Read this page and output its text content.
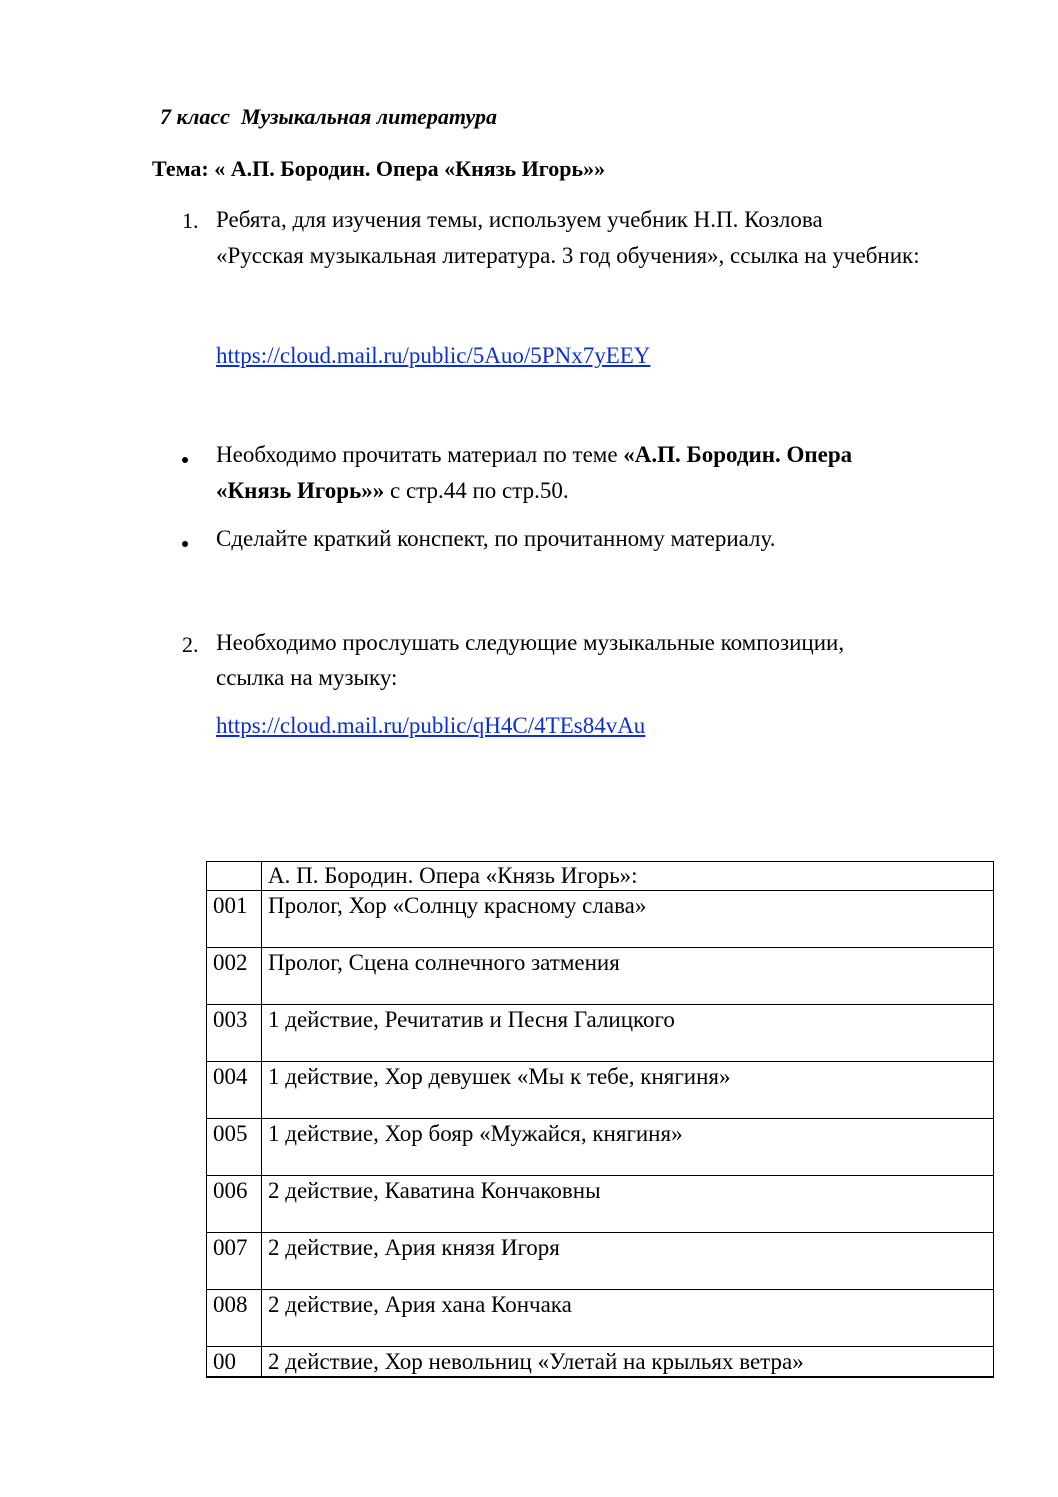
7 класс Музыкальная литература
Тема: « А.П. Бородин. Опера «Князь Игорь»»
1. Ребята, для изучения темы, используем учебник Н.П. Козлова
«Русская музыкальная литература. 3 год обучения», ссылка на учебник:
https://cloud.mail.ru/public/5Auo/5PNx7yEEY
Необходимо прочитать материал по теме «А.П. Бородин. Опера
«Князь Игорь»» с стр.44 по стр.50.
Сделайте краткий конспект, по прочитанному материалу.
2. Необходимо прослушать следующие музыкальные композиции,
ссылка на музыку:
https://cloud.mail.ru/public/qH4C/4TEs84vAu
	А. П. Бородин. Опера «Князь Игорь»:
001	Пролог, Хор «Солнцу красному слава»
002	Пролог, Сцена солнечного затмения
003	1 действие, Речитатив и Песня Галицкого
004	1 действие, Хор девушек «Мы к тебе, княгиня»
005	1 действие, Хор бояр «Мужайся, княгиня»
006	2 действие, Каватина Кончаковны
007	2 действие, Ария князя Игоря
008	2 действие, Ария хана Кончака
00	2 действие, Хор невольниц «Улетай на крыльях ветра»
